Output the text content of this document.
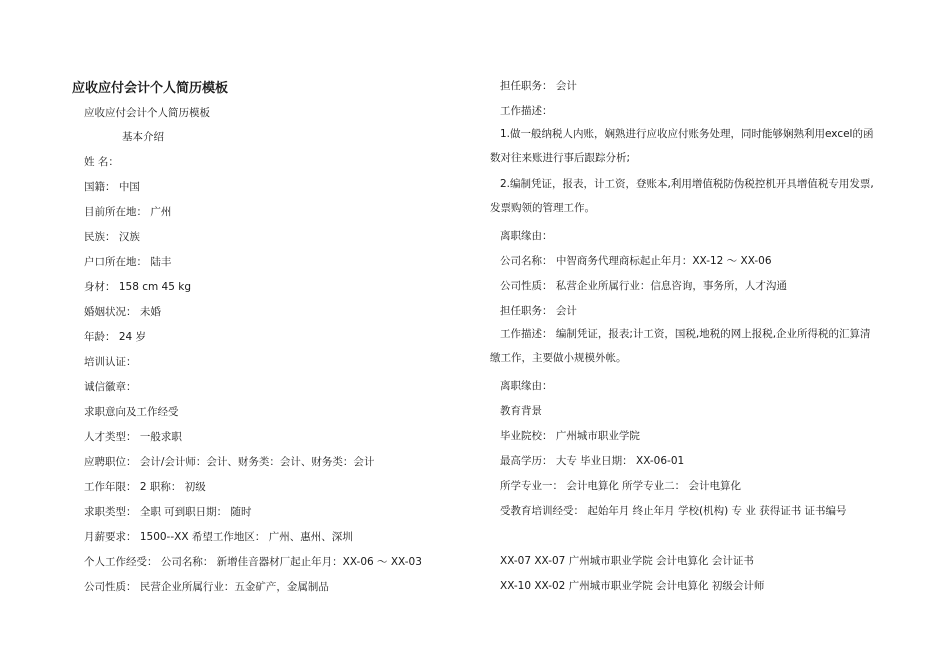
应收应付会计个人简历模板
应收应付会计个人简历模板
基本介绍
姓 名：
国籍： 中国
目前所在地： 广州
民族： 汉族
户口所在地： 陆丰
身材： 158 cm 45 kg
婚姻状况： 未婚
年龄： 24 岁
培训认证：
诚信徽章：
求职意向及工作经受
人才类型： 一般求职
应聘职位： 会计/会计师：会计、财务类：会计、财务类：会计
工作年限： 2 职称： 初级
求职类型： 全职 可到职日期： 随时
月薪要求： 1500--XX 希望工作地区： 广州、惠州、深圳
个人工作经受： 公司名称： 新增佳音器材厂起止年月：XX-06 ～ XX-03
公司性质： 民营企业所属行业：五金矿产，金属制品
担任职务： 会计
工作描述：
1.做一般纳税人内账，娴熟进行应收应付账务处理，同时能够娴熟利用excel的函数对往来账进行事后跟踪分析;
2.编制凭证，报表，计工资，登账本,利用增值税防伪税控机开具增值税专用发票,发票购领的管理工作。
离职缘由：
公司名称： 中智商务代理商标起止年月：XX-12 ～ XX-06
公司性质： 私营企业所属行业：信息咨询，事务所，人才沟通
担任职务： 会计
工作描述： 编制凭证，报表;计工资，国税,地税的网上报税,企业所得税的汇算清缴工作，主要做小规模外帐。
离职缘由：
教育背景
毕业院校： 广州城市职业学院
最高学历： 大专 毕业日期： XX-06-01
所学专业一： 会计电算化 所学专业二： 会计电算化
受教育培训经受： 起始年月 终止年月 学校(机构) 专 业 获得证书 证书编号
XX-07 XX-07 广州城市职业学院 会计电算化 会计证书
XX-10 XX-02 广州城市职业学院 会计电算化 初级会计师
